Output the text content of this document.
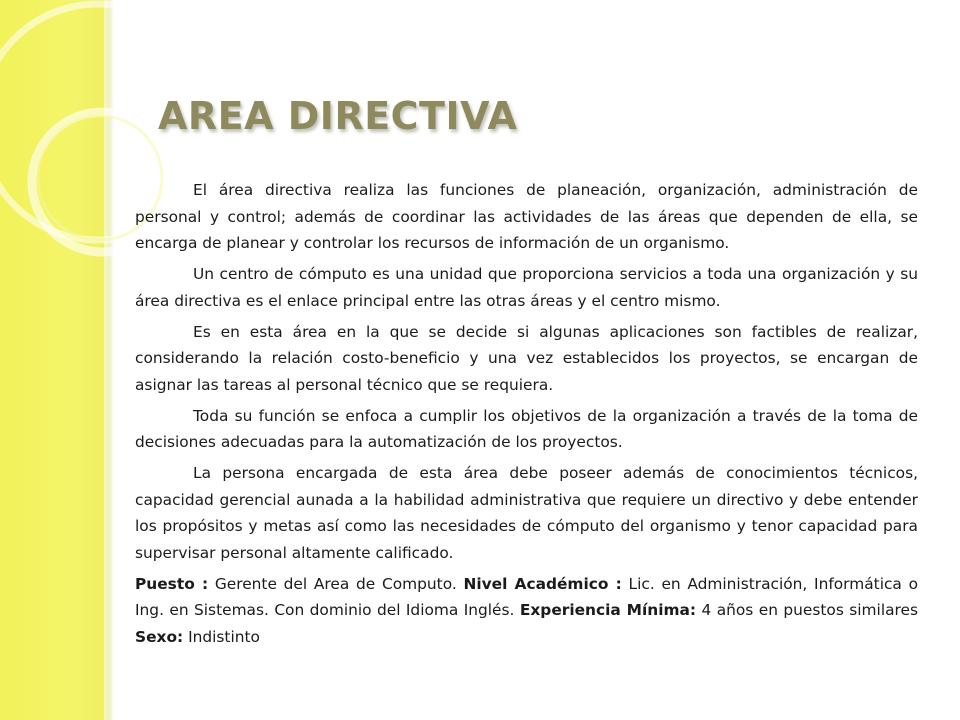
AREA DIRECTIVA

El área directiva realiza las funciones de planeación, organización, administración de personal y control; además de coordinar las actividades de las áreas que dependen de ella, se encarga de planear y controlar los recursos de información de un organismo.

Un centro de cómputo es una unidad que proporciona servicios a toda una organización y su área directiva es el enlace principal entre las otras áreas y el centro mismo.

Es en esta área en la que se decide si algunas aplicaciones son factibles de realizar, considerando la relación costo-beneficio y una vez establecidos los proyectos, se encargan de asignar las tareas al personal técnico que se requiera.

Toda su función se enfoca a cumplir los objetivos de la organización a través de la toma de decisiones adecuadas para la automatización de los proyectos.

La persona encargada de esta área debe poseer además de conocimientos técnicos, capacidad gerencial aunada a la habilidad administrativa que requiere un directivo y debe entender los propósitos y metas así como las necesidades de cómputo del organismo y tenor capacidad para supervisar personal altamente calificado.

Puesto : Gerente del Area de Computo. Nivel Académico : Lic. en Administración, Informática o Ing. en Sistemas. Con dominio del Idioma Inglés. Experiencia Mínima: 4 años en puestos similares Sexo: Indistinto
